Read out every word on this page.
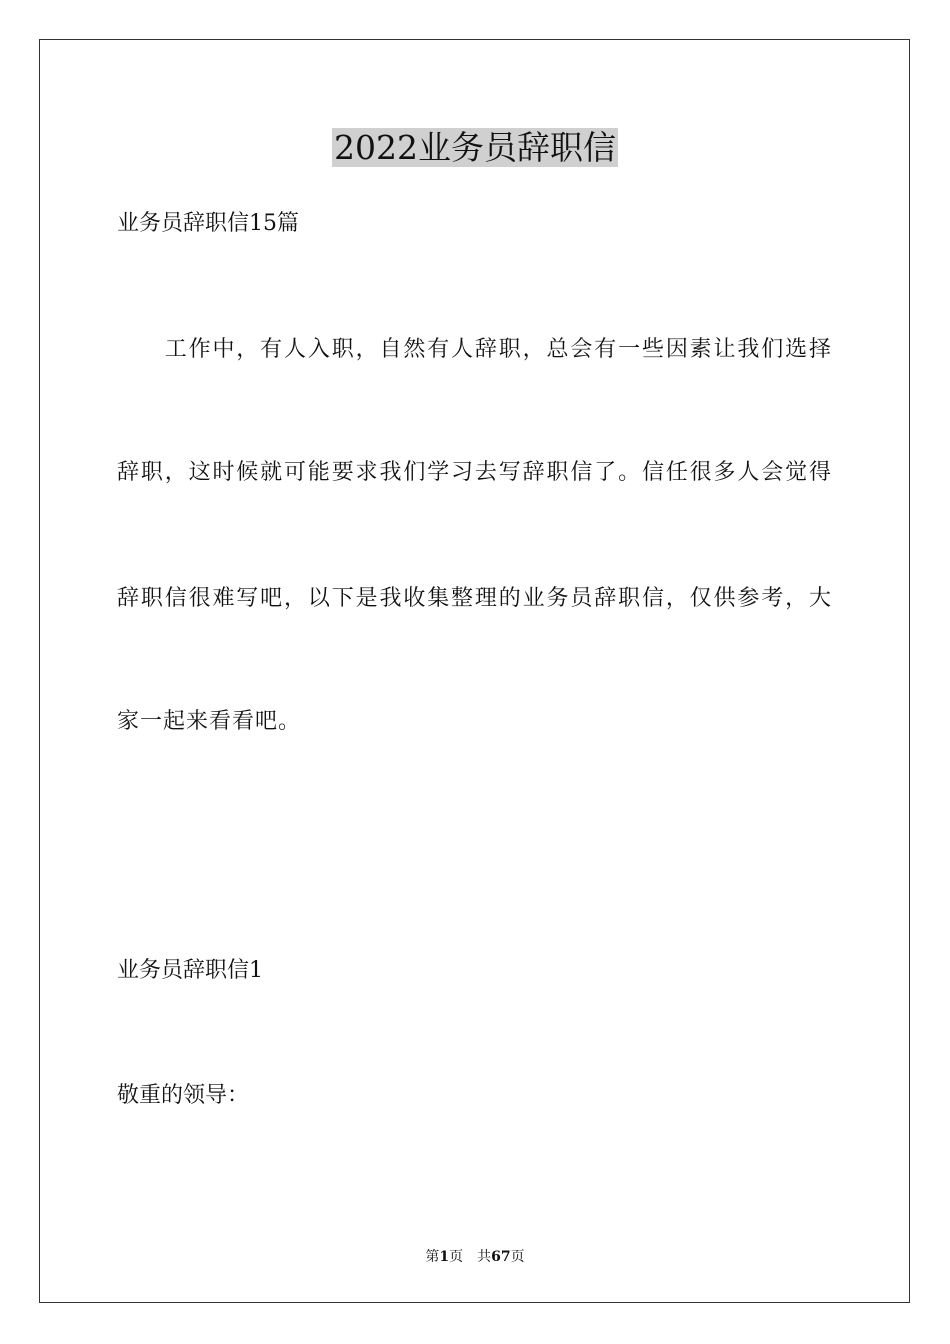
2022业务员辞职信
业务员辞职信15篇
　　工作中，有人入职，自然有人辞职，总会有一些因素让我们选择
辞职，这时候就可能要求我们学习去写辞职信了。信任很多人会觉得
辞职信很难写吧，以下是我收集整理的业务员辞职信，仅供参考，大
家一起来看看吧。
业务员辞职信1
敬重的领导：
第1页　共67页
